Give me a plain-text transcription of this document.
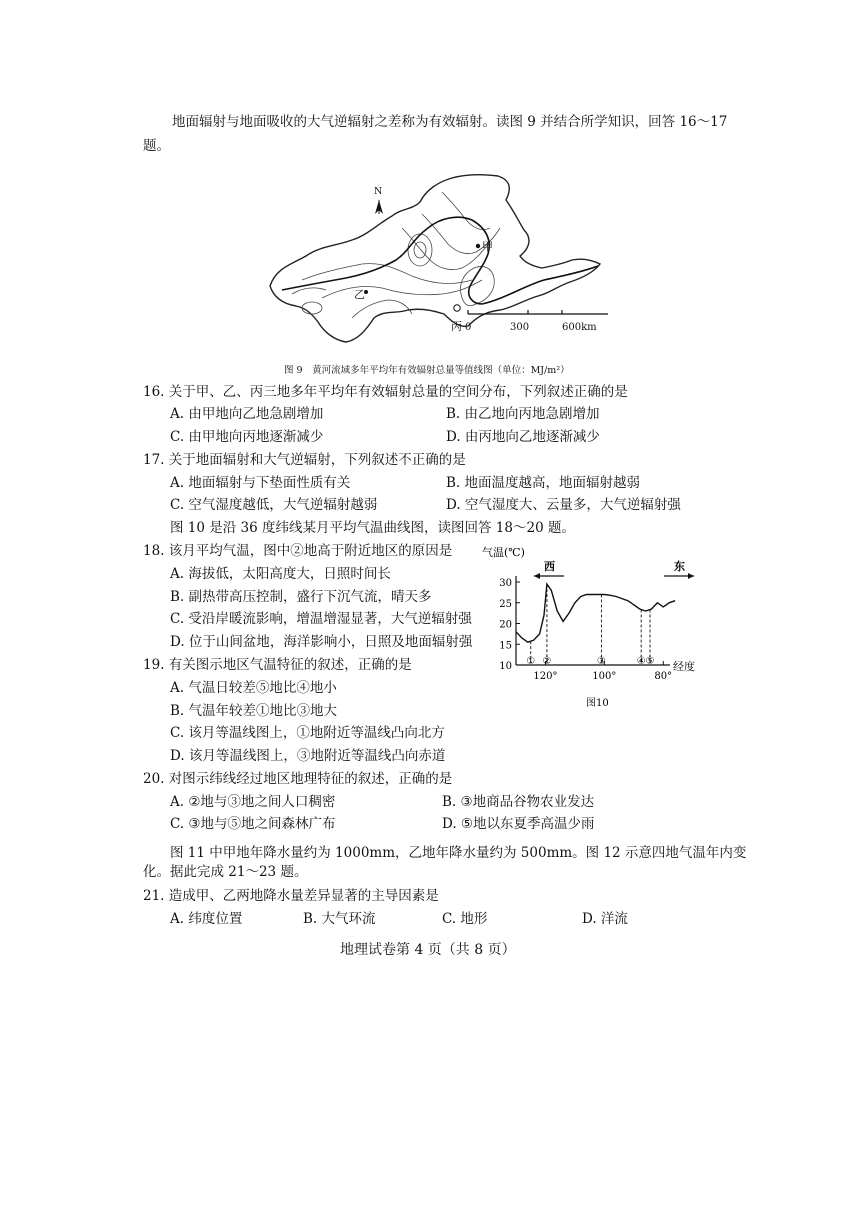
地面辐射与地面吸收的大气逆辐射之差称为有效辐射。读图 9 并结合所学知识，回答 16～17
题。
N
甲
乙
丙 0	300	600km
图 9　黄河流域多年平均年有效辐射总量等值线图（单位：MJ/m²）
16. 关于甲、乙、丙三地多年平均年有效辐射总量的空间分布，下列叙述正确的是
A. 由甲地向乙地急剧增加	B. 由乙地向丙地急剧增加
C. 由甲地向丙地逐渐减少	D. 由丙地向乙地逐渐减少
17. 关于地面辐射和大气逆辐射，下列叙述不正确的是
A. 地面辐射与下垫面性质有关	B. 地面温度越高，地面辐射越弱
C. 空气湿度越低，大气逆辐射越弱	D. 空气湿度大、云量多，大气逆辐射强
图 10 是沿 36 度纬线某月平均气温曲线图，读图回答 18～20 题。
18. 该月平均气温，图中②地高于附近地区的原因是
A. 海拔低，太阳高度大，日照时间长
B. 副热带高压控制，盛行下沉气流，晴天多
C. 受沿岸暖流影响，增温增湿显著，大气逆辐射强
D. 位于山间盆地，海洋影响小，日照及地面辐射强
19. 有关图示地区气温特征的叙述，正确的是
A. 气温日较差⑤地比④地小
B. 气温年较差①地比③地大
C. 该月等温线图上，①地附近等温线凸向北方
D. 该月等温线图上，③地附近等温线凸向赤道
气温(℃)
经度
西	东
图10
10
15
20
25
30
120°	100°	80°
① ②	③	④ ⑤
20. 对图示纬线经过地区地理特征的叙述，正确的是
A. ②地与③地之间人口稠密	B. ③地商品谷物农业发达
C. ③地与⑤地之间森林广布	D. ⑤地以东夏季高温少雨
图 11 中甲地年降水量约为 1000mm，乙地年降水量约为 500mm。图 12 示意四地气温年内变
化。据此完成 21～23 题。
21. 造成甲、乙两地降水量差异显著的主导因素是
A. 纬度位置	B. 大气环流	C. 地形	D. 洋流
地理试卷第 4 页（共 8 页）
